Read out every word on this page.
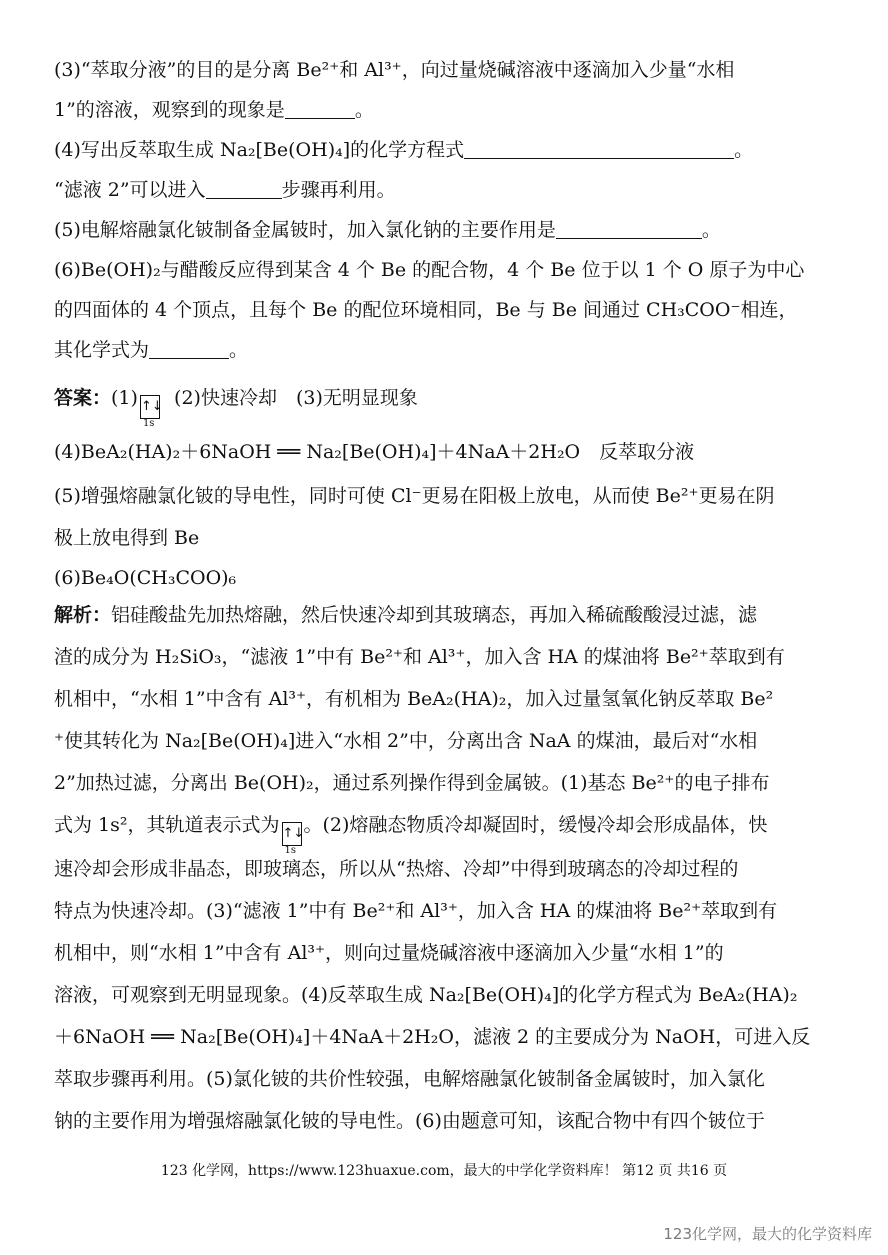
(3)“萃取分液”的目的是分离 Be²⁺和 Al³⁺，向过量烧碱溶液中逐滴加入少量“水相
1”的溶液，观察到的现象是	。
(4)写出反萃取生成 Na₂[Be(OH)₄]的化学方程式	。
“滤液 2”可以进入	步骤再利用。
(5)电解熔融氯化铍制备金属铍时，加入氯化钠的主要作用是	。
(6)Be(OH)₂与醋酸反应得到某含 4 个 Be 的配合物，4 个 Be 位于以 1 个 O 原子为中心
的四面体的 4 个顶点，且每个 Be 的配位环境相同，Be 与 Be 间通过 CH₃COO⁻相连，
其化学式为	。
答案：(1) ↑↓
1s
(2)快速冷却　(3)无明显现象
(4)BeA₂(HA)₂＋6NaOH ══ Na₂[Be(OH)₄]＋4NaA＋2H₂O　反萃取分液
(5)增强熔融氯化铍的导电性，同时可使 Cl⁻更易在阳极上放电，从而使 Be²⁺更易在阴
极上放电得到 Be
(6)Be₄O(CH₃COO)₆
解析：铝硅酸盐先加热熔融，然后快速冷却到其玻璃态，再加入稀硫酸酸浸过滤，滤
渣的成分为 H₂SiO₃，“滤液 1”中有 Be²⁺和 Al³⁺，加入含 HA 的煤油将 Be²⁺萃取到有
机相中，“水相 1”中含有 Al³⁺，有机相为 BeA₂(HA)₂，加入过量氢氧化钠反萃取 Be²
⁺使其转化为 Na₂[Be(OH)₄]进入“水相 2”中，分离出含 NaA 的煤油，最后对“水相
2”加热过滤，分离出 Be(OH)₂，通过系列操作得到金属铍。(1)基态 Be²⁺的电子排布
式为 1s²，其轨道表示式为 ↑↓
1s
。(2)熔融态物质冷却凝固时，缓慢冷却会形成晶体，快
速冷却会形成非晶态，即玻璃态，所以从“热熔、冷却”中得到玻璃态的冷却过程的
特点为快速冷却。(3)“滤液 1”中有 Be²⁺和 Al³⁺，加入含 HA 的煤油将 Be²⁺萃取到有
机相中，则“水相 1”中含有 Al³⁺，则向过量烧碱溶液中逐滴加入少量“水相 1”的
溶液，可观察到无明显现象。(4)反萃取生成 Na₂[Be(OH)₄]的化学方程式为 BeA₂(HA)₂
＋6NaOH ══ Na₂[Be(OH)₄]＋4NaA＋2H₂O，滤液 2 的主要成分为 NaOH，可进入反
萃取步骤再利用。(5)氯化铍的共价性较强，电解熔融氯化铍制备金属铍时，加入氯化
钠的主要作用为增强熔融氯化铍的导电性。(6)由题意可知，该配合物中有四个铍位于
123 化学网，https://www.123huaxue.com，最大的中学化学资料库！ 第12 页 共16 页
123化学网，最大的化学资料库
